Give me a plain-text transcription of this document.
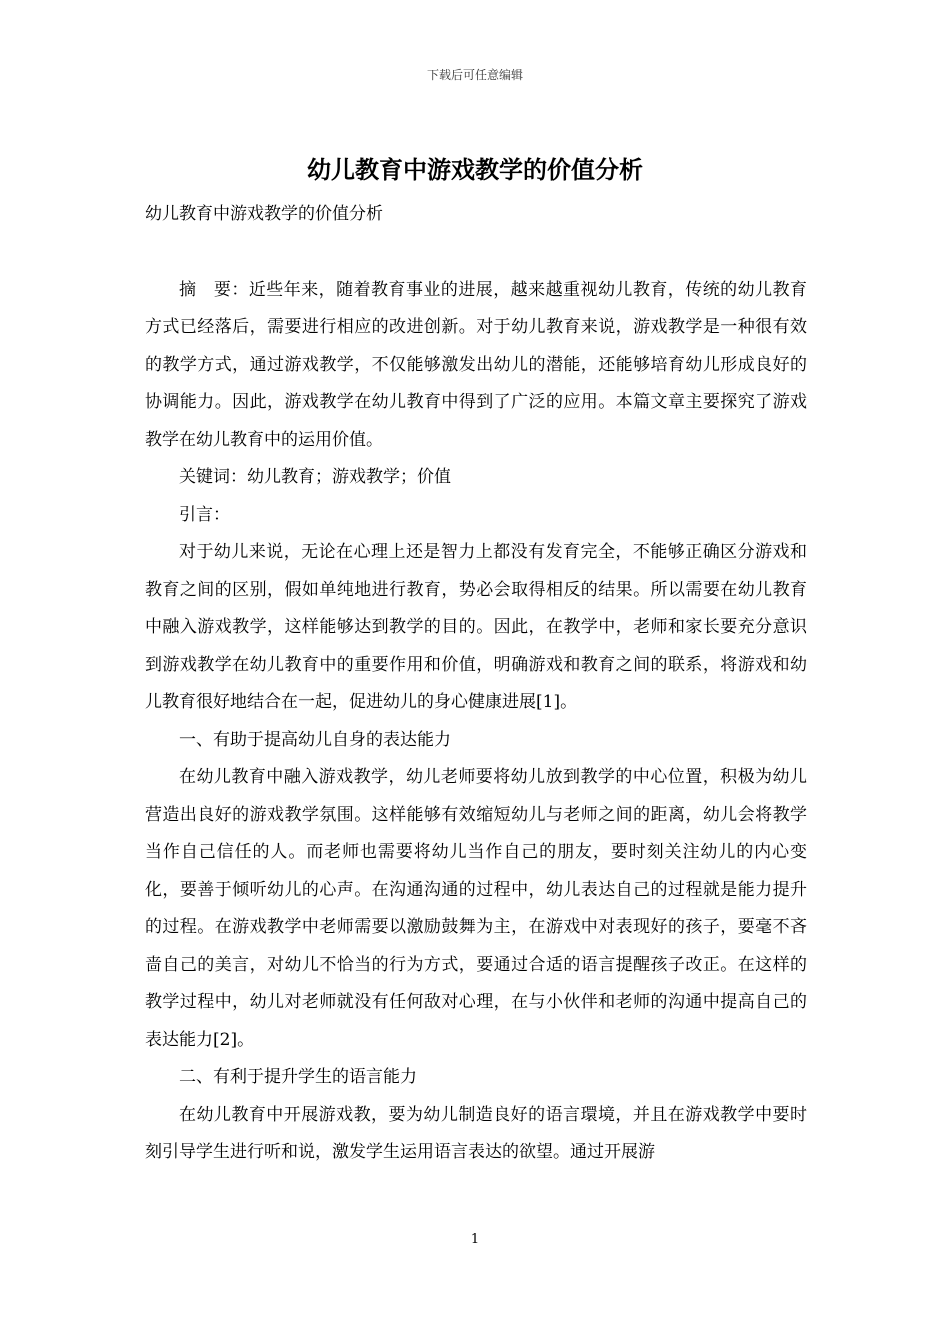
下载后可任意编辑
幼儿教育中游戏教学的价值分析

幼儿教育中游戏教学的价值分析

摘　要：近些年来，随着教育事业的进展，越来越重视幼儿教育，传统的幼儿教育方式已经落后，需要进行相应的改进创新。对于幼儿教育来说，游戏教学是一种很有效的教学方式，通过游戏教学，不仅能够激发出幼儿的潜能，还能够培育幼儿形成良好的协调能力。因此，游戏教学在幼儿教育中得到了广泛的应用。本篇文章主要探究了游戏教学在幼儿教育中的运用价值。

关键词：幼儿教育；游戏教学；价值

引言：

对于幼儿来说，无论在心理上还是智力上都没有发育完全，不能够正确区分游戏和教育之间的区别，假如单纯地进行教育，势必会取得相反的结果。所以需要在幼儿教育中融入游戏教学，这样能够达到教学的目的。因此，在教学中，老师和家长要充分意识到游戏教学在幼儿教育中的重要作用和价值，明确游戏和教育之间的联系，将游戏和幼儿教育很好地结合在一起，促进幼儿的身心健康进展[1]。

一、有助于提高幼儿自身的表达能力

在幼儿教育中融入游戏教学，幼儿老师要将幼儿放到教学的中心位置，积极为幼儿营造出良好的游戏教学氛围。这样能够有效缩短幼儿与老师之间的距离，幼儿会将教学当作自己信任的人。而老师也需要将幼儿当作自己的朋友，要时刻关注幼儿的内心变化，要善于倾听幼儿的心声。在沟通沟通的过程中，幼儿表达自己的过程就是能力提升的过程。在游戏教学中老师需要以激励鼓舞为主，在游戏中对表现好的孩子，要毫不吝啬自己的美言，对幼儿不恰当的行为方式，要通过合适的语言提醒孩子改正。在这样的教学过程中，幼儿对老师就没有任何敌对心理，在与小伙伴和老师的沟通中提高自己的表达能力[2]。

二、有利于提升学生的语言能力

在幼儿教育中开展游戏教，要为幼儿制造良好的语言環境，并且在游戏教学中要时刻引导学生进行听和说，激发学生运用语言表达的欲望。通过开展游

1
